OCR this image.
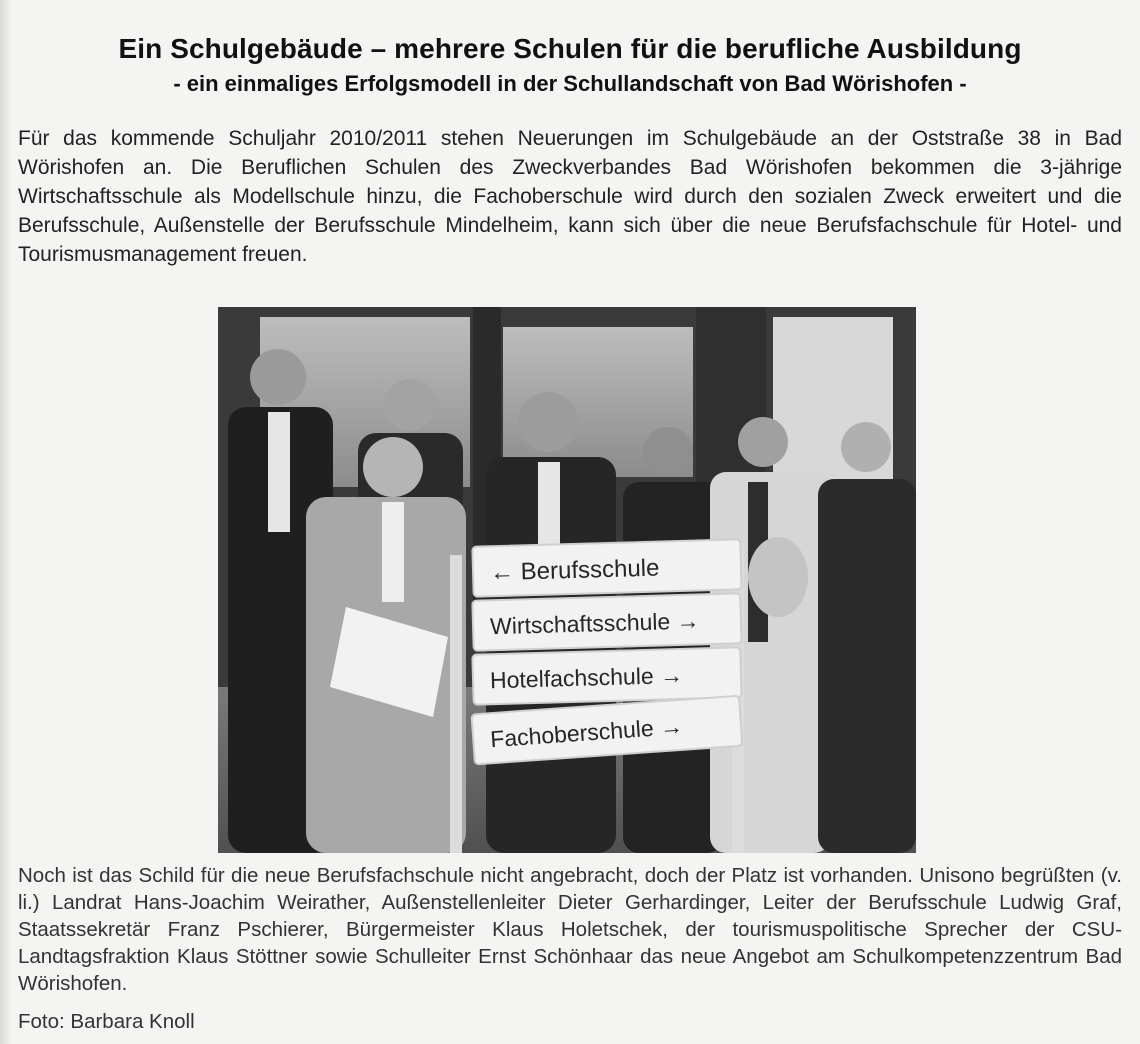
Ein Schulgebäude – mehrere Schulen für die berufliche Ausbildung
- ein einmaliges Erfolgsmodell in der Schullandschaft von Bad Wörishofen -

Für das kommende Schuljahr 2010/2011 stehen Neuerungen im Schulgebäude an der Oststraße 38 in Bad Wörishofen an. Die Beruflichen Schulen des Zweckverbandes Bad Wörishofen bekommen die 3-jährige Wirtschaftsschule als Modellschule hinzu, die Fachoberschule wird durch den sozialen Zweck erweitert und die Berufsschule, Außenstelle der Berufsschule Mindelheim, kann sich über die neue Berufsfachschule für Hotel- und Tourismusmanagement freuen.

← Berufsschule
Wirtschaftsschule →
Hotelfachschule →
Fachoberschule →

Noch ist das Schild für die neue Berufsfachschule nicht angebracht, doch der Platz ist vorhanden. Unisono begrüßten (v. li.) Landrat Hans-Joachim Weirather, Außenstellenleiter Dieter Gerhardinger, Leiter der Berufsschule Ludwig Graf, Staatssekretär Franz Pschierer, Bürgermeister Klaus Holetschek, der tourismuspolitische Sprecher der CSU-Landtagsfraktion Klaus Stöttner sowie Schulleiter Ernst Schönhaar das neue Angebot am Schulkompetenzzentrum Bad Wörishofen.

Foto: Barbara Knoll
